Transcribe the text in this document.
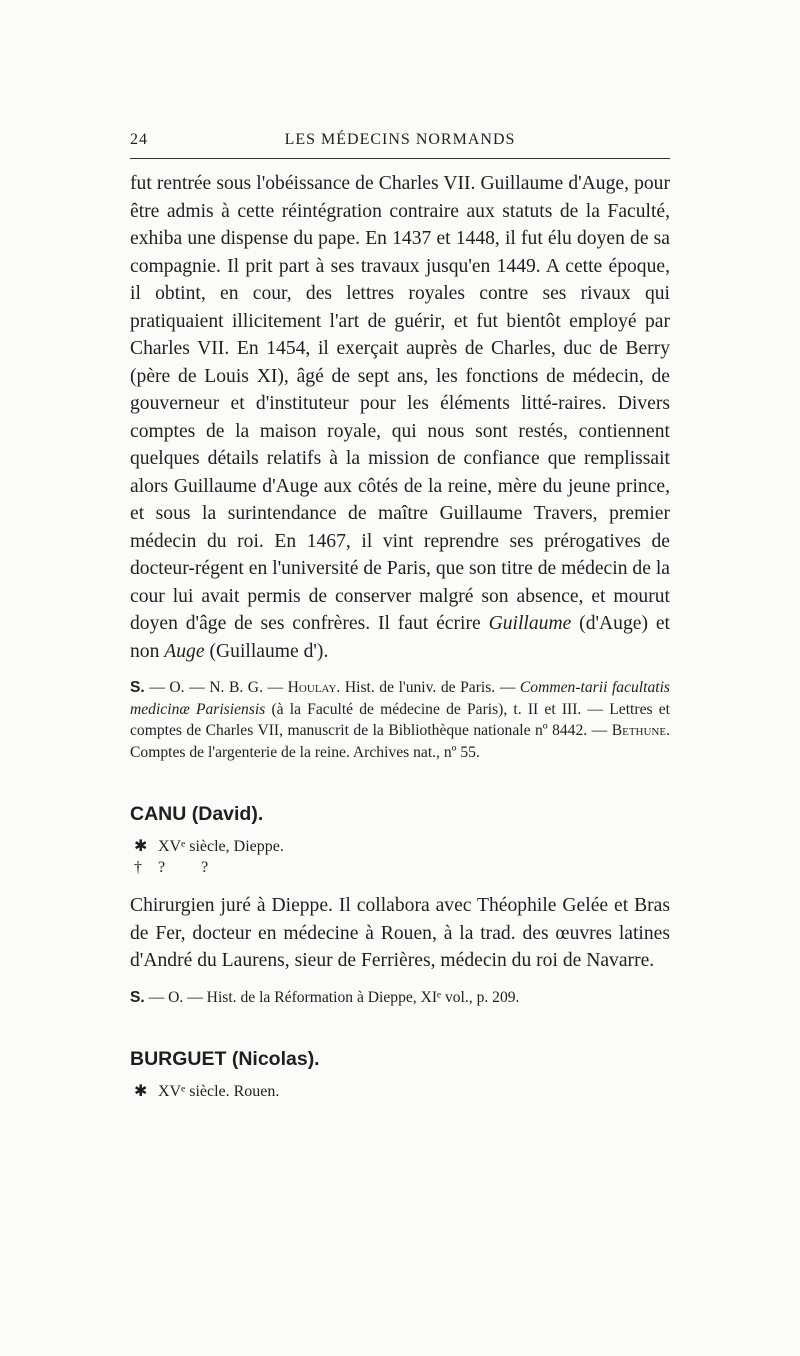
24	LES MÉDECINS NORMANDS

fut rentrée sous l'obéissance de Charles VII. Guillaume d'Auge, pour être admis à cette réintégration contraire aux statuts de la Faculté, exhiba une dispense du pape. En 1437 et 1448, il fut élu doyen de sa compagnie. Il prit part à ses travaux jusqu'en 1449. A cette époque, il obtint, en cour, des lettres royales contre ses rivaux qui pratiquaient illicitement l'art de guérir, et fut bientôt employé par Charles VII. En 1454, il exerçait auprès de Charles, duc de Berry (père de Louis XI), âgé de sept ans, les fonctions de médecin, de gouverneur et d'instituteur pour les éléments litté-raires. Divers comptes de la maison royale, qui nous sont restés, contiennent quelques détails relatifs à la mission de confiance que remplissait alors Guillaume d'Auge aux côtés de la reine, mère du jeune prince, et sous la surintendance de maître Guillaume Travers, premier médecin du roi. En 1467, il vint reprendre ses prérogatives de docteur-régent en l'université de Paris, que son titre de médecin de la cour lui avait permis de conserver malgré son absence, et mourut doyen d'âge de ses confrères. Il faut écrire Guillaume (d'Auge) et non Auge (Guillaume d').

S. — O. — N. B. G. — Houlay. Hist. de l'univ. de Paris. — Commen-tarii facultatis medicinæ Parisiensis (à la Faculté de médecine de Paris), t. II et III. — Lettres et comptes de Charles VII, manuscrit de la Bibliothèque nationale nº 8442. — Bethune. Comptes de l'argenterie de la reine. Archives nat., nº 55.

CANU (David).
✱ XVᵉ siècle, Dieppe.
† ?         ?

Chirurgien juré à Dieppe. Il collabora avec Théophile Gelée et Bras de Fer, docteur en médecine à Rouen, à la trad. des œuvres latines d'André du Laurens, sieur de Ferrières, médecin du roi de Navarre.

S. — O. — Hist. de la Réformation à Dieppe, XIᵉ vol., p. 209.

BURGUET (Nicolas).
✱ XVᵉ siècle. Rouen.
